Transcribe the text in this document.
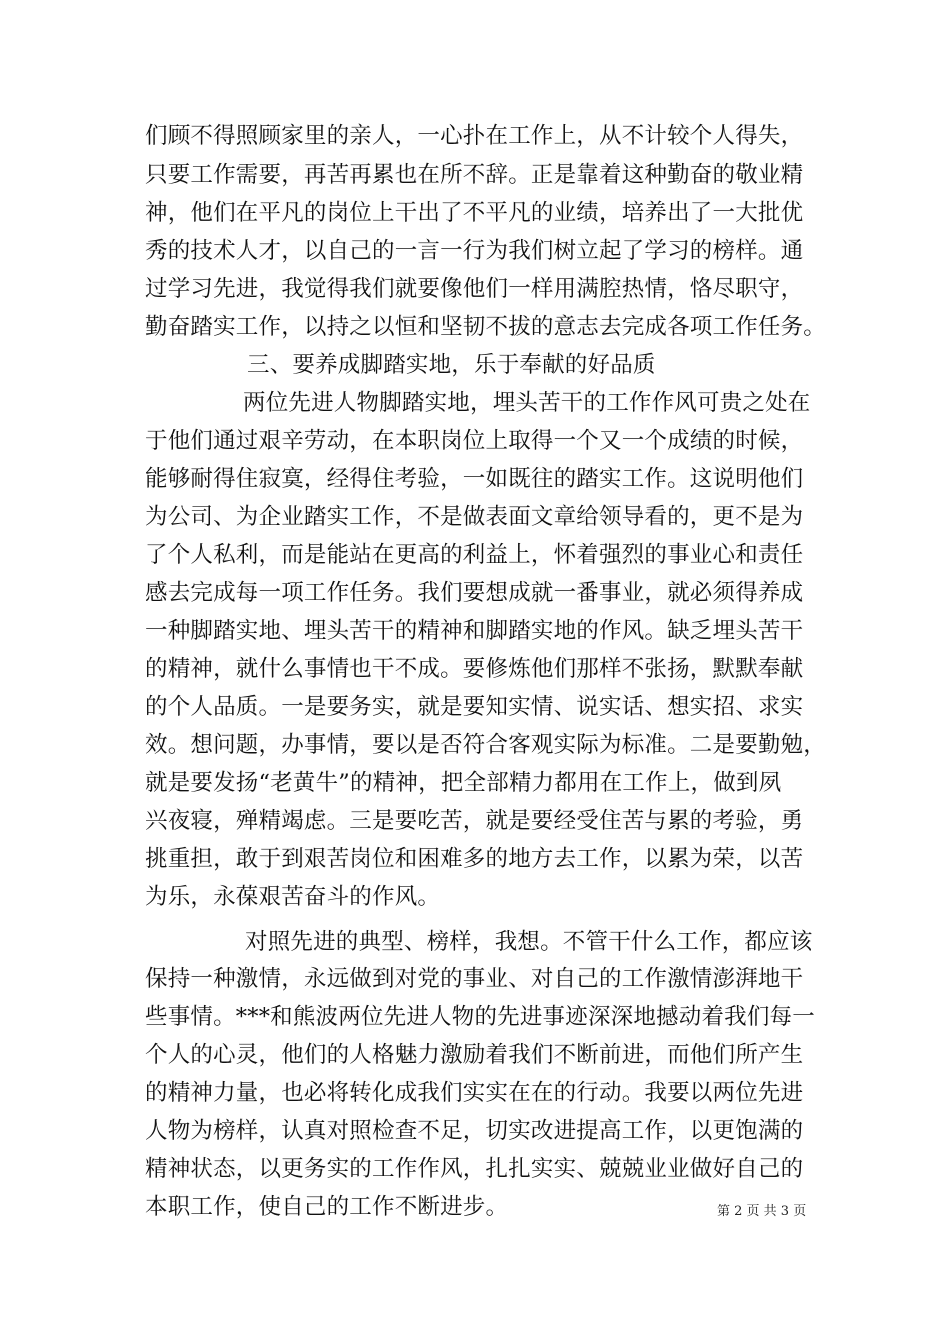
们顾不得照顾家里的亲人，一心扑在工作上，从不计较个人得失，
只要工作需要，再苦再累也在所不辞。正是靠着这种勤奋的敬业精
神，他们在平凡的岗位上干出了不平凡的业绩，培养出了一大批优
秀的技术人才，以自己的一言一行为我们树立起了学习的榜样。通
过学习先进，我觉得我们就要像他们一样用满腔热情，恪尽职守，
勤奋踏实工作，以持之以恒和坚韧不拔的意志去完成各项工作任务。
三、要养成脚踏实地，乐于奉献的好品质
两位先进人物脚踏实地，埋头苦干的工作作风可贵之处在
于他们通过艰辛劳动，在本职岗位上取得一个又一个成绩的时候，
能够耐得住寂寞，经得住考验，一如既往的踏实工作。这说明他们
为公司、为企业踏实工作，不是做表面文章给领导看的，更不是为
了个人私利，而是能站在更高的利益上，怀着强烈的事业心和责任
感去完成每一项工作任务。我们要想成就一番事业，就必须得养成
一种脚踏实地、埋头苦干的精神和脚踏实地的作风。缺乏埋头苦干
的精神，就什么事情也干不成。要修炼他们那样不张扬，默默奉献
的个人品质。一是要务实，就是要知实情、说实话、想实招、求实
效。想问题，办事情，要以是否符合客观实际为标准。二是要勤勉，
就是要发扬“老黄牛”的精神，把全部精力都用在工作上，做到夙
兴夜寝，殚精竭虑。三是要吃苦，就是要经受住苦与累的考验，勇
挑重担，敢于到艰苦岗位和困难多的地方去工作，以累为荣，以苦
为乐，永葆艰苦奋斗的作风。
对照先进的典型、榜样，我想。不管干什么工作，都应该
保持一种激情，永远做到对党的事业、对自己的工作激情澎湃地干
些事情。***和熊波两位先进人物的先进事迹深深地撼动着我们每一
个人的心灵，他们的人格魅力激励着我们不断前进，而他们所产生
的精神力量，也必将转化成我们实实在在的行动。我要以两位先进
人物为榜样，认真对照检查不足，切实改进提高工作，以更饱满的
精神状态，以更务实的工作作风，扎扎实实、兢兢业业做好自己的
本职工作，使自己的工作不断进步。	第 2 页 共 3 页
